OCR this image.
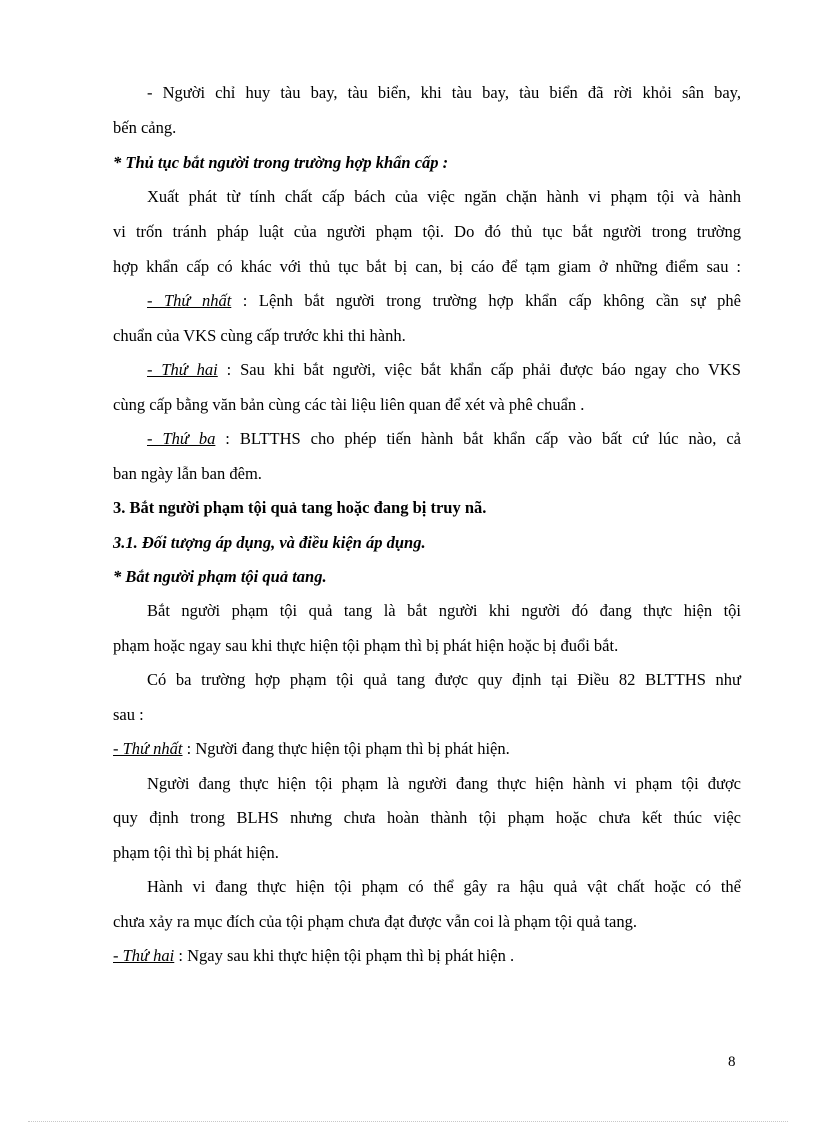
- Người chỉ huy tàu bay, tàu biển, khi tàu bay, tàu biển đã rời khỏi sân bay,
bến cảng.
* Thủ tục bắt người trong trường hợp khẩn cấp :
Xuất phát từ tính chất cấp bách của việc ngăn chặn hành vi phạm tội và hành
vi trốn tránh pháp luật của người phạm tội. Do đó thủ tục bắt người trong trường
hợp khẩn cấp có khác với thủ tục bắt bị can, bị cáo để tạm giam ở những điểm sau :
- Thứ nhất : Lệnh bắt người trong trường hợp khẩn cấp không cần sự phê
chuẩn của VKS cùng cấp trước khi thi hành.
- Thứ hai : Sau khi bắt người, việc bắt khẩn cấp phải được báo ngay cho VKS
cùng cấp bằng văn bản cùng các tài liệu liên quan để xét và phê chuẩn .
- Thứ ba : BLTTHS cho phép tiến hành bắt khẩn cấp vào bất cứ lúc nào, cả
ban ngày lẫn ban đêm.
3. Bắt người phạm tội quả tang hoặc đang bị truy nã.
3.1. Đối tượng áp dụng, và điều kiện áp dụng.
* Bắt người phạm tội quả tang.
Bắt người phạm tội quả tang là bắt người khi người đó đang thực hiện tội
phạm hoặc ngay sau khi thực hiện tội phạm thì bị phát hiện hoặc bị đuổi bắt.
Có ba trường hợp phạm tội quả tang được quy định tại Điều 82 BLTTHS như
sau :
- Thứ nhất : Người đang thực hiện tội phạm thì bị phát hiện.
Người đang thực hiện tội phạm là người đang thực hiện hành vi phạm tội được
quy định trong BLHS nhưng chưa hoàn thành tội phạm hoặc chưa kết thúc việc
phạm tội thì bị phát hiện.
Hành vi đang thực hiện tội phạm có thể gây ra hậu quả vật chất hoặc có thể
chưa xảy ra mục đích của tội phạm chưa đạt được vẫn coi là phạm tội quả tang.
- Thứ hai : Ngay sau khi thực hiện tội phạm thì bị phát hiện .
8
